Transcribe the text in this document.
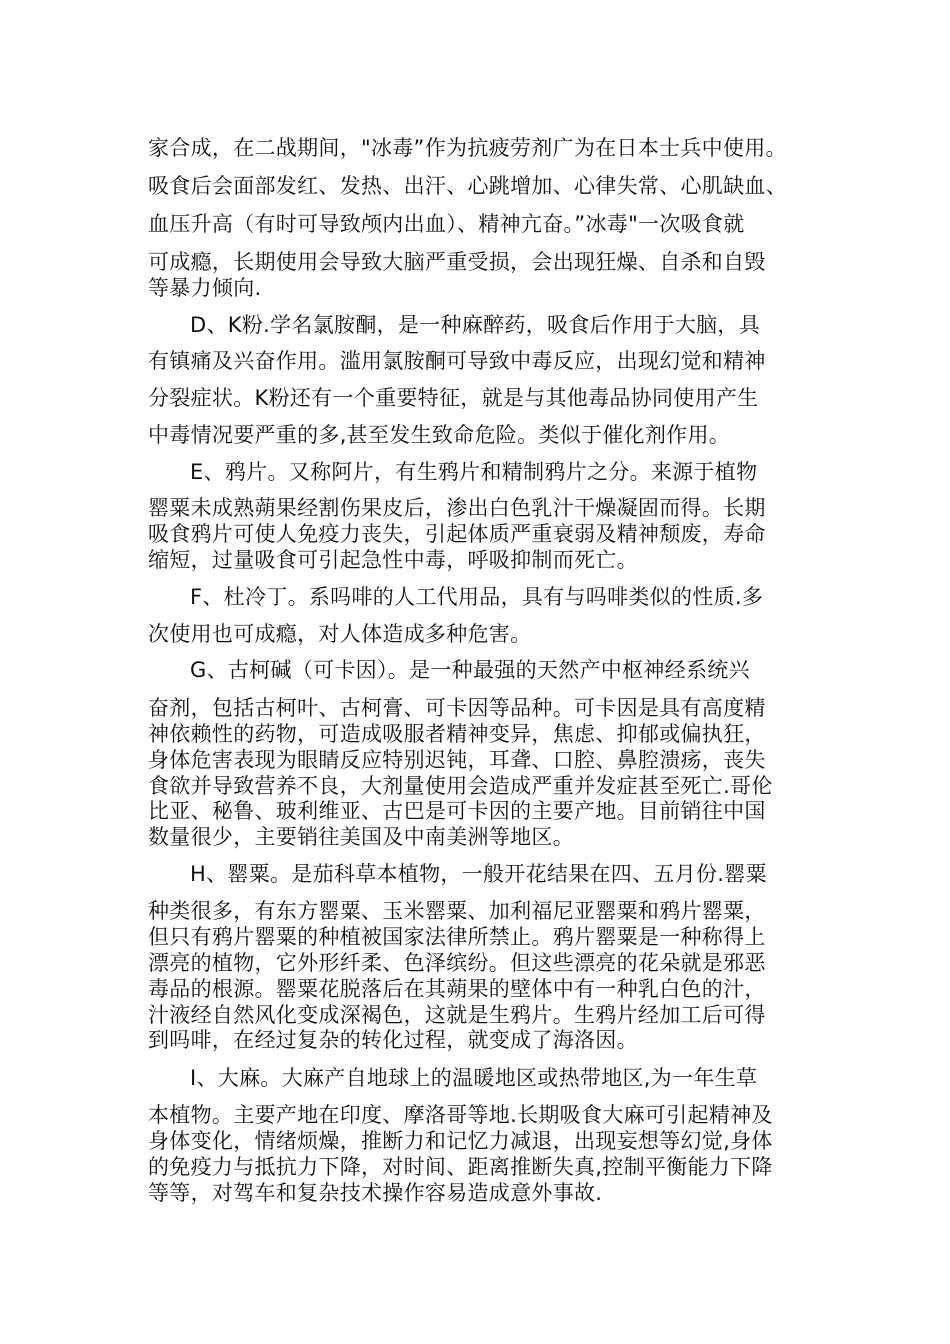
家合成，在二战期间，"冰毒”作为抗疲劳剂广为在日本士兵中使用。
吸食后会面部发红、发热、出汗、心跳增加、心律失常、心肌缺血、
血压升高（有时可导致颅内出血）、精神亢奋。”冰毒"一次吸食就
可成瘾，长期使用会导致大脑严重受损，会出现狂燥、自杀和自毁
等暴力倾向.
D、K粉.学名氯胺酮，是一种麻醉药，吸食后作用于大脑，具
有镇痛及兴奋作用。滥用氯胺酮可导致中毒反应，出现幻觉和精神
分裂症状。K粉还有一个重要特征，就是与其他毒品协同使用产生
中毒情况要严重的多,甚至发生致命危险。类似于催化剂作用。
E、鸦片。又称阿片，有生鸦片和精制鸦片之分。来源于植物
罂粟未成熟蒴果经割伤果皮后，渗出白色乳汁干燥凝固而得。长期
吸食鸦片可使人免疫力丧失，引起体质严重衰弱及精神颓废，寿命
缩短，过量吸食可引起急性中毒，呼吸抑制而死亡。
F、杜冷丁。系吗啡的人工代用品，具有与吗啡类似的性质.多
次使用也可成瘾，对人体造成多种危害。
G、古柯碱（可卡因）。是一种最强的天然产中枢神经系统兴
奋剂，包括古柯叶、古柯膏、可卡因等品种。可卡因是具有高度精
神依赖性的药物，可造成吸服者精神变异，焦虑、抑郁或偏执狂，
身体危害表现为眼睛反应特别迟钝，耳聋、口腔、鼻腔溃疡，丧失
食欲并导致营养不良，大剂量使用会造成严重并发症甚至死亡.哥伦
比亚、秘鲁、玻利维亚、古巴是可卡因的主要产地。目前销往中国
数量很少，主要销往美国及中南美洲等地区。
H、罂粟。是茄科草本植物，一般开花结果在四、五月份.罂粟
种类很多，有东方罂粟、玉米罂粟、加利福尼亚罂粟和鸦片罂粟，
但只有鸦片罂粟的种植被国家法律所禁止。鸦片罂粟是一种称得上
漂亮的植物，它外形纤柔、色泽缤纷。但这些漂亮的花朵就是邪恶
毒品的根源。罂粟花脱落后在其蒴果的壁体中有一种乳白色的汁，
汁液经自然风化变成深褐色，这就是生鸦片。生鸦片经加工后可得
到吗啡，在经过复杂的转化过程，就变成了海洛因。
I、大麻。大麻产自地球上的温暖地区或热带地区,为一年生草
本植物。主要产地在印度、摩洛哥等地.长期吸食大麻可引起精神及
身体变化，情绪烦燥，推断力和记忆力减退，出现妄想等幻觉,身体
的免疫力与抵抗力下降，对时间、距离推断失真,控制平衡能力下降
等等，对驾车和复杂技术操作容易造成意外事故.
